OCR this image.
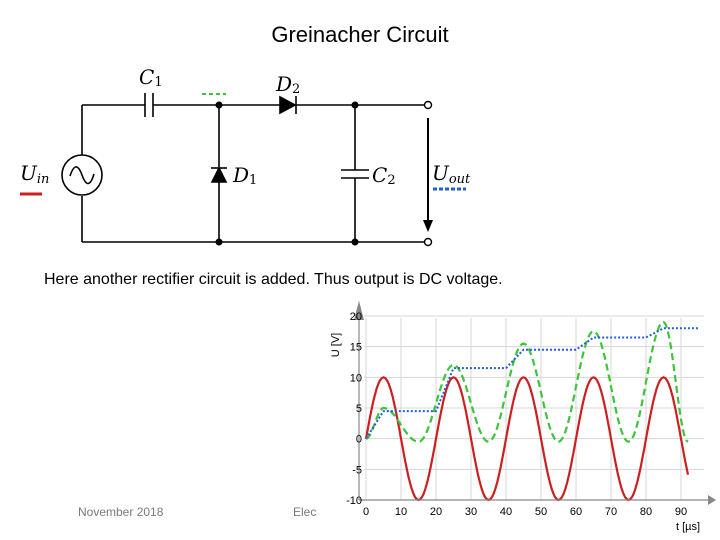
Greinacher Circuit
C1	D2
D1	C2
Uin	Uout
Here another rectifier circuit is added. Thus output is DC voltage.
0 10 20 30 40 50 60 70 80 90
-10
-5
0
5
10
15
20
U [V]
t [µs]
November 2018	Elec
